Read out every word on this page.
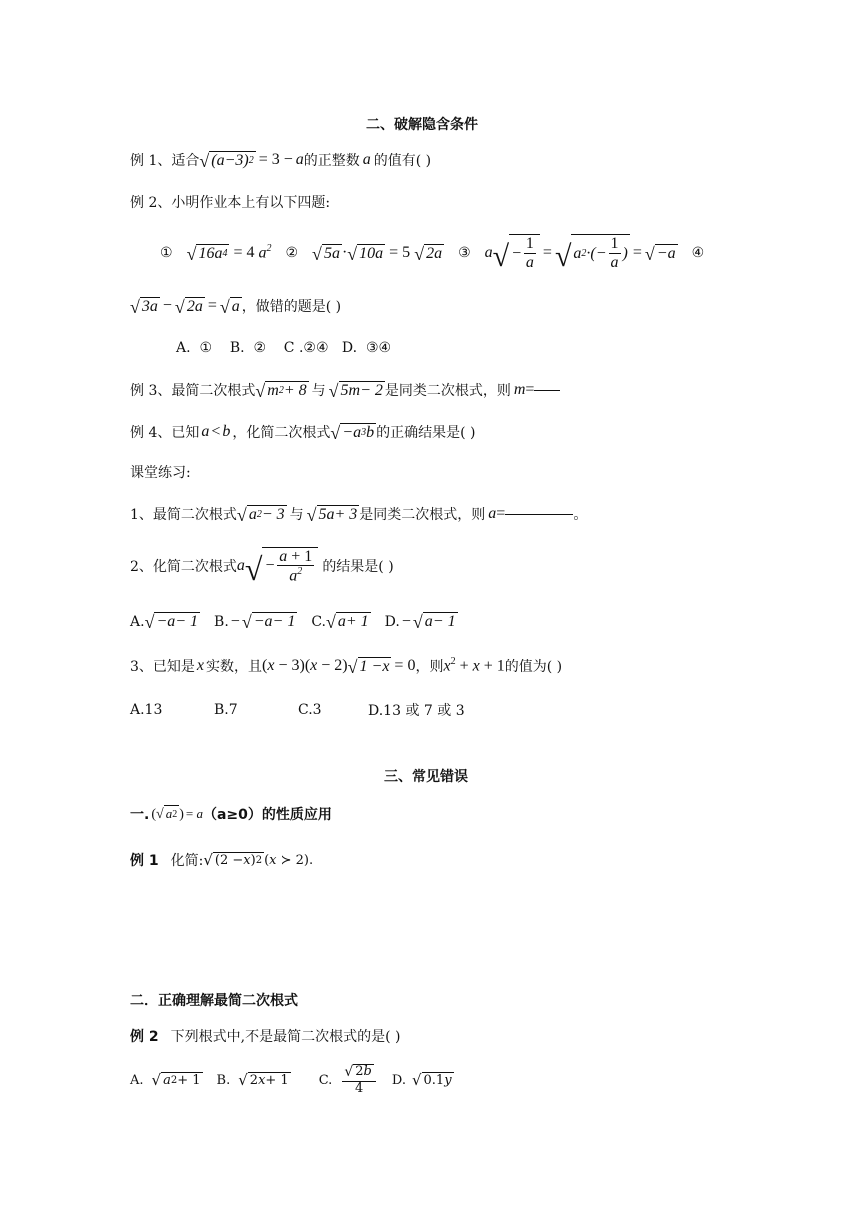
二、破解隐含条件
例 1、适合 √ ( a −3) 2 = 3 − a 的正整数 a 的值有( )
例 2、小明作业本上有以下四题:
① √ 16 a 4 = 4 $a^2$ ② √ 5 a · √ 10 a = 5 √ 2 a ③ a √ − $\frac{1}{a}$ = √ a 2 ·(− $\frac{1}{a}$ ) = √ − a ④
√ 3 a − √ 2 a = √ a ，做错的题是( )
A.  ①    B.  ②    C .②④   D.  ③④
例 3、最简二次根式 √ m 2 + 8 与 √ 5 m − 2 是同类二次根式，则 m =
例 4、已知 a < b ，化简二次根式 √ − a 3 b 的正确结果是( )
课堂练习:
1、最简二次根式 √ a 2 − 3 与 √ 5 a + 3 是同类二次根式，则 a =	。
2、化简二次根式 a √ − $\frac{a + 1}{a^2}$ 的结果是( )
A. √ − a − 1 B. − √ − a − 1 C. √ a + 1 D. − √ a − 1
3、已知是 x 实数，且 (x − 3)(x − 2) √ 1 − x = 0 ，则 $x^2 + x + 1$ 的值为( )
A.13	B.7	C.3	D.13 或 7 或 3
三、常见错误
一. ( √ a 2 ) = a （a≥0）的性质应用
例 1 化简: √ (2 − x ) 2 (x ≻ 2).
二．正确理解最简二次根式
例 2 下列根式中,不是最简二次根式的是( )
A. √ a 2 + 1 B. √ 2 x + 1 C. $\frac{√ 2 b}{4} D$. √ 0.1 y
